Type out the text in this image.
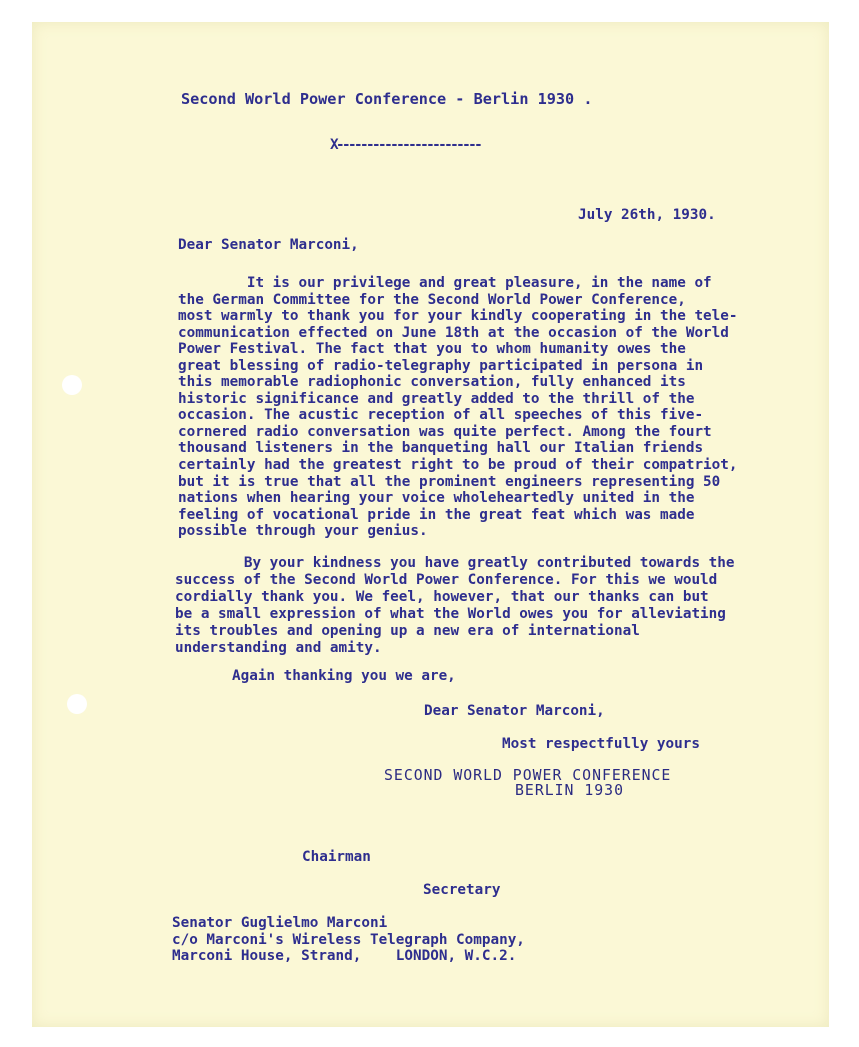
Second World Power Conference - Berlin 1930 .
X------------------------
July 26th, 1930.
Dear Senator Marconi,
It is our privilege and great pleasure, in the name of
the German Committee for the Second World Power Conference,
most warmly to thank you for your kindly cooperating in the tele-
communication effected on June 18th at the occasion of the World
Power Festival. The fact that you to whom humanity owes the
great blessing of radio-telegraphy participated in persona in
this memorable radiophonic conversation, fully enhanced its
historic significance and greatly added to the thrill of the
occasion. The acustic reception of all speeches of this five-
cornered radio conversation was quite perfect. Among the fourt
thousand listeners in the banqueting hall our Italian friends
certainly had the greatest right to be proud of their compatriot,
but it is true that all the prominent engineers representing 50
nations when hearing your voice wholeheartedly united in the
feeling of vocational pride in the great feat which was made
possible through your genius.
By your kindness you have greatly contributed towards the
success of the Second World Power Conference. For this we would
cordially thank you. We feel, however, that our thanks can but
be a small expression of what the World owes you for alleviating
its troubles and opening up a new era of international
understanding and amity.
Again thanking you we are,
Dear Senator Marconi,
Most respectfully yours
SECOND WORLD POWER CONFERENCE
BERLIN 1930
Chairman
Secretary
Senator Guglielmo Marconi
c/o Marconi's Wireless Telegraph Company,
Marconi House, Strand,    LONDON, W.C.2.
